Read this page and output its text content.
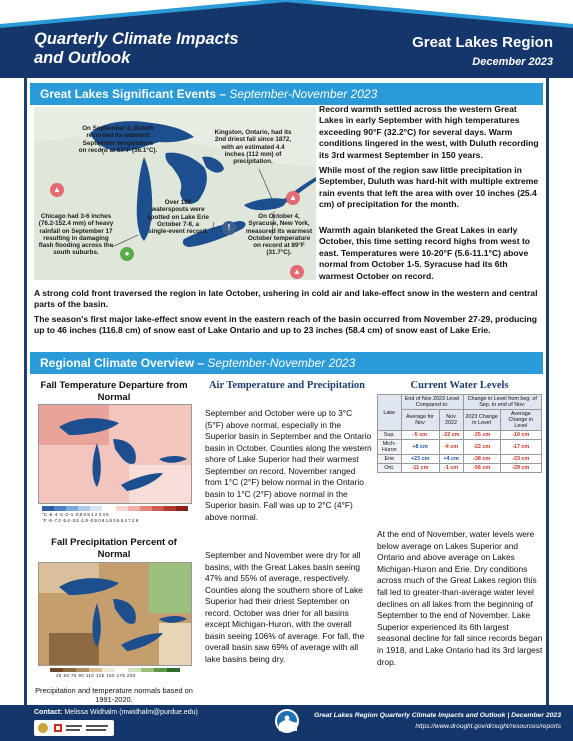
Quarterly Climate Impacts
and Outlook
Great Lakes Region
December 2023
Great Lakes Significant Events – September-November 2023
On September 3, Duluth recorded its warmest September temperature on record at 97°F (36.1°C).
Kingston, Ontario, had its 2nd driest fall since 1872, with an estimated 4.4 inches (112 mm) of precipitation.
Over 180 waterspouts were spotted on Lake Erie October 7-8, a single-event record.
Chicago had 3-6 inches (76.2-152.4 mm) of heavy rainfall on September 17 resulting in damaging flash flooding across the south suburbs.
On October 4, Syracuse, New York, measured its warmest October temperature on record at 89°F (31.7°C).
▲
▲
▲
●
!
Record warmth settled across the western Great Lakes in early September with high temperatures exceeding 90°F (32.2°C) for several days. Warm conditions lingered in the west, with Duluth recording its 3rd warmest September in 150 years.
While most of the region saw little precipitation in September, Duluth was hard-hit with multiple extreme rain events that left the area with over 10 inches (25.4 cm) of precipitation for the month.
Warmth again blanketed the Great Lakes in early October, this time setting record highs from west to east. Temperatures were 10-20°F (5.6-11.1°C) above normal from October 1-5. Syracuse had its 6th warmest October on record.
A strong cold front traversed the region in late October, ushering in cold air and lake-effect snow in the western and central parts of the basin.
The season’s first major lake-effect snow event in the eastern reach of the basin occurred from November 27-29, producing up to 46 inches (116.8 cm) of snow east of Lake Ontario and up to 23 inches (58.4 cm) of snow east of Lake Erie.
Regional Climate Overview – September-November 2023
Fall Temperature Departure from Normal
°C -6 -4 -3 -2 -1 -0.5 0.5 1 2 3 4 5
°F -9 -7.2 -5.4 -3.6 -1.8 -0.9 0.9 1.8 3.6 5.4 7.2 9
Fall Precipitation Percent of Normal
25 50 75 90 110 125 150 175 200
Precipitation and temperature normals based on 1991-2020.
Air Temperature and Precipitation
September and October were up to 3°C (5°F) above normal, especially in the Superior basin in September and the Ontario basin in October. Counties along the western shore of Lake Superior had their warmest September on record. November ranged from 1°C (2°F) below normal in the Ontario basin to 1°C (2°F) above normal in the Superior basin. Fall was up to 2°C (4°F) above normal.
September and November were dry for all basins, with the Great Lakes basin seeing 47% and 55% of average, respectively. Counties along the southern shore of Lake Superior had their driest September on record. October was drier for all basins except Michigan-Huron, with the overall basin seeing 106% of average. For fall, the overall basin saw 69% of average with all lake basins being dry.
Current Water Levels
Lake	End of Nov 2023 Level Compared to:		Change in Level from beg. of Sep. to end of Nov:	
	Average for Nov	Nov 2022	2023 Change in Level	Average Change in Level
Sup.	-5 cm	-22 cm	-25 cm	-10 cm
Mich-Huron	+8 cm	-4 cm	-22 cm	-17 cm
Erie	+23 cm	+4 cm	-38 cm	-23 cm
Ont.	-11 cm	-1 cm	-56 cm	-29 cm
At the end of November, water levels were below average on Lakes Superior and Ontario and above average on Lakes Michigan-Huron and Erie. Dry conditions across much of the Great Lakes region this fall led to greater-than-average water level declines on all lakes from the beginning of September to the end of November. Lake Superior experienced its 6th largest seasonal decline for fall since records began in 1918, and Lake Ontario had its 3rd largest drop.
Contact: Melissa Widhalm (mwidhalm@purdue.edu)	Great Lakes Region Quarterly Climate Impacts and Outlook | December 2023
https://www.drought.gov/drought/resources/reports
